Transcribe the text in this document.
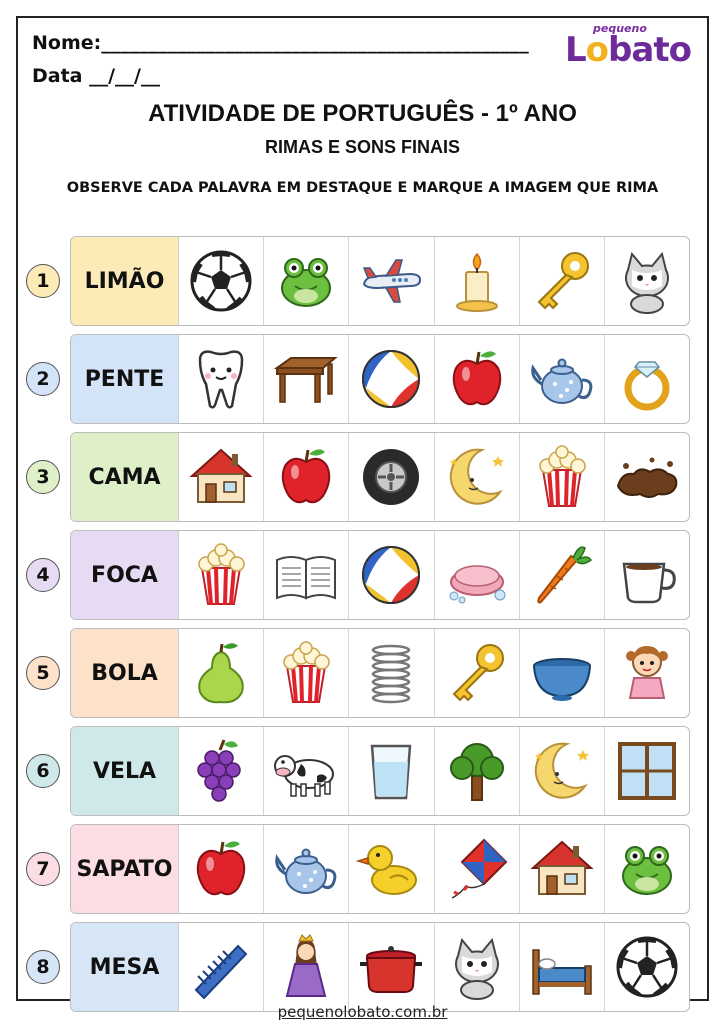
Nome:_____________________________________________
Data __/__/__
pequeno
Lobato
ATIVIDADE DE PORTUGUÊS - 1º ANO
RIMAS E SONS FINAIS
OBSERVE CADA PALAVRA EM DESTAQUE E MARQUE A IMAGEM QUE RIMA
1	LIMÃO
2	PENTE
3	CAMA
4	FOCA
5	BOLA
6	VELA
7	SAPATO
8	MESA
pequenolobato.com.br
